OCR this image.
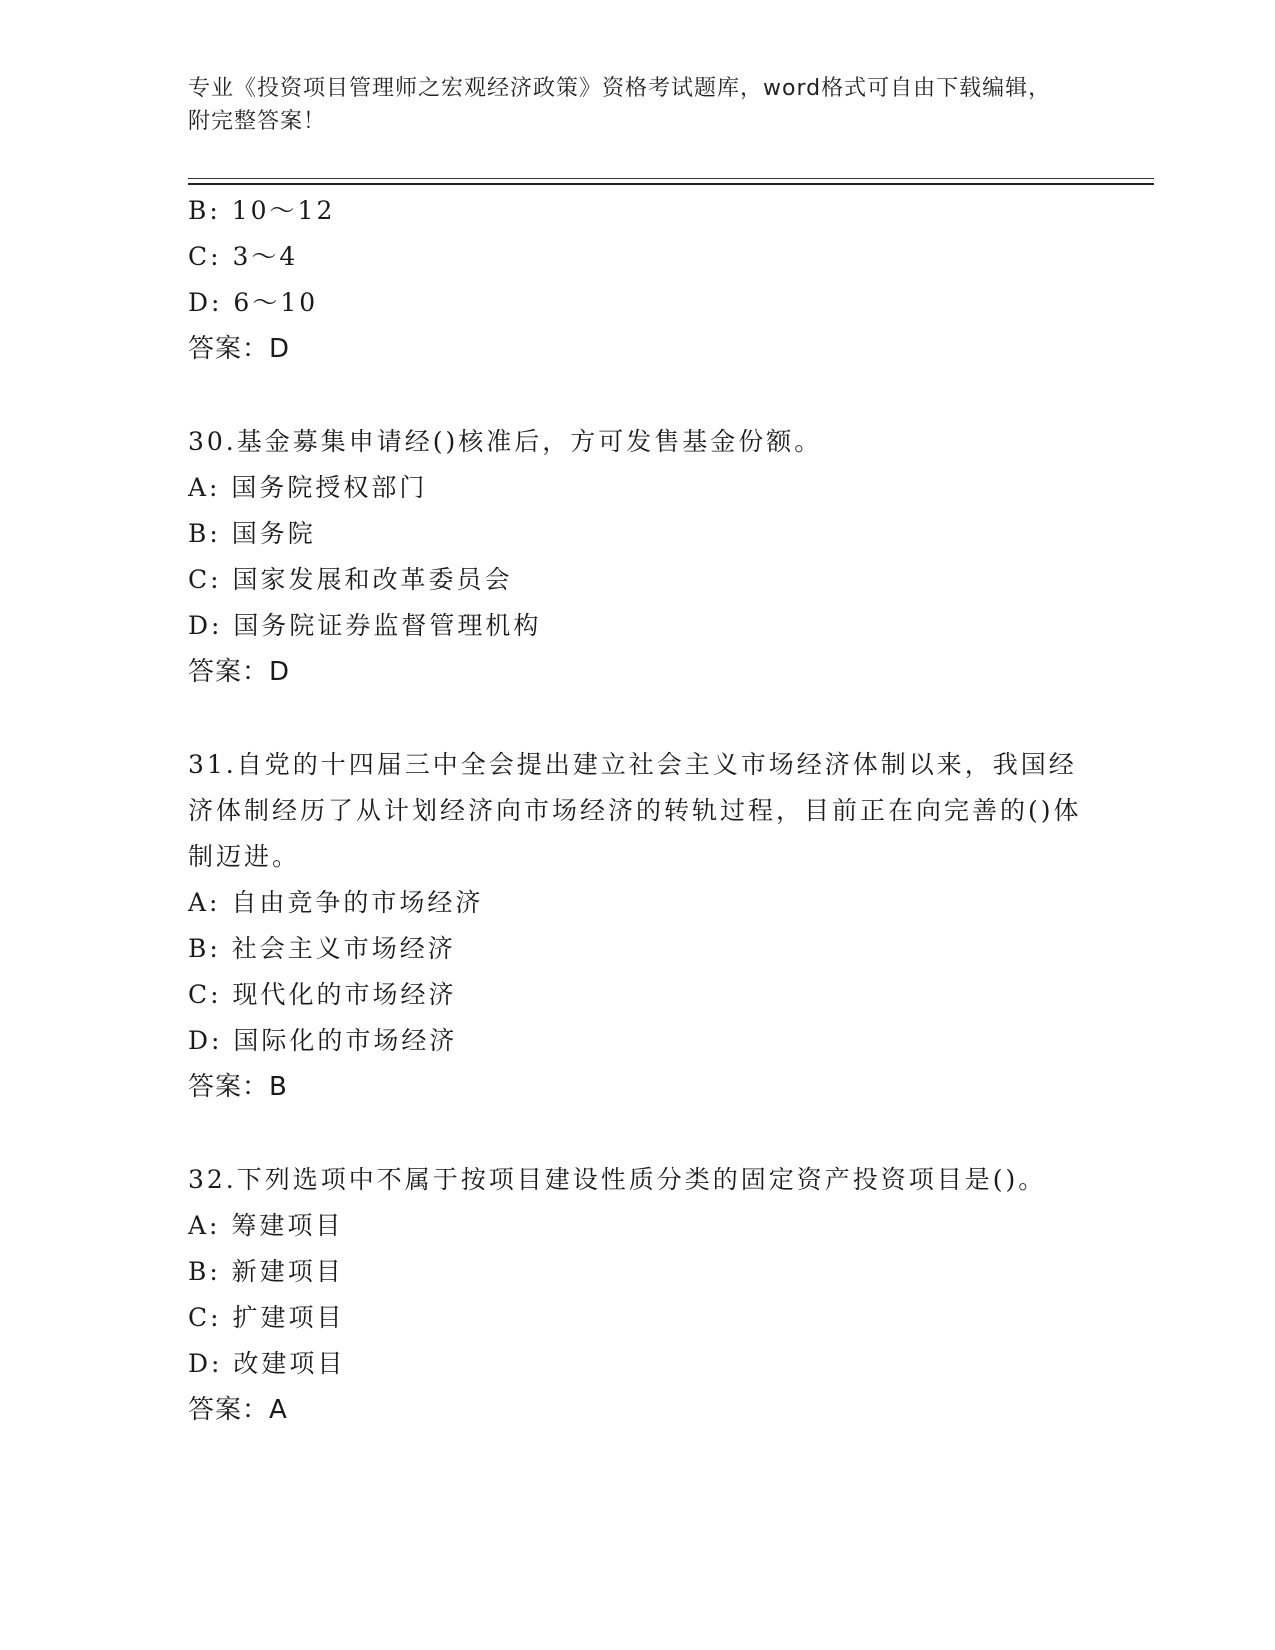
专业《投资项目管理师之宏观经济政策》资格考试题库，word格式可自由下载编辑，附完整答案！
B: 10～12
C: 3～4
D: 6～10
答案：D
30.基金募集申请经()核准后，方可发售基金份额。
A: 国务院授权部门
B: 国务院
C: 国家发展和改革委员会
D: 国务院证券监督管理机构
答案：D
31.自党的十四届三中全会提出建立社会主义市场经济体制以来，我国经济体制经历了从计划经济向市场经济的转轨过程，目前正在向完善的()体制迈进。
A: 自由竞争的市场经济
B: 社会主义市场经济
C: 现代化的市场经济
D: 国际化的市场经济
答案：B
32.下列选项中不属于按项目建设性质分类的固定资产投资项目是()。
A: 筹建项目
B: 新建项目
C: 扩建项目
D: 改建项目
答案：A
